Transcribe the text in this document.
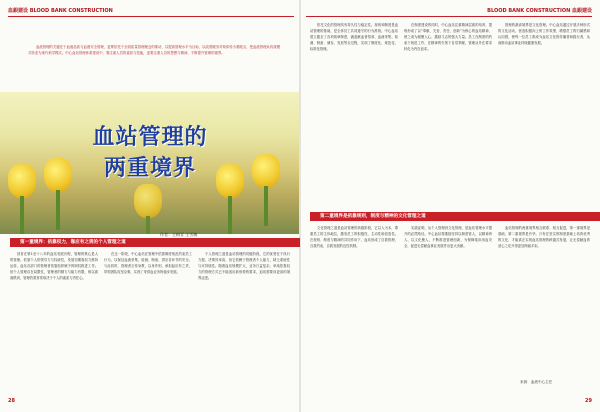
血銀建设 BLOOD BANK CONSTRUCTION	BLOOD BANK CONSTRUCTION 血銀建设
血液管理的关键在于血液品质与血液安全管理，更要依托于全面质量管理理念的推动，以提高管理水平为目标，以改善服务对象体验为着眼点，把血液管理从传统模式转变为现代科学模式。中心血站管理体系建设中，要注重人员的素质与技能，更要注重人员的思想与精神，不断提升管理的境界。
血站管理的两重境界
作者：王梅青 王雪梅
第一重境界：依靠权力，靠应有之责的个人管理之道
回首在第1至十八年的血站发展历程，管理的核心是人的管理。依靠个人的领导力与权威性，发展初期靠权力维持运转，血站各部门的管理者依靠组织赋予的职权推进工作。但个人管理存在局限性，管理者的精力与能力有限，难以面面俱到，管理效果常常取决于个人的素质与责任心。
在这一阶段，中心血站在管理中依靠制度规范约束员工行为，以保证血液采集、检测、制备、供应各环节的安全。与此同时，管理者言传身教，以身作则，承担起应有之责，带领团队攻坚克难，实现了采供血业务的稳步发展。
个人管理之道是血站管理的初级阶段，它的优势在于执行力强，决策效率高，但它依赖于管理者个人能力，缺乏系统性与可持续性。随着血站规模扩大，业务日益复杂，单纯依靠权力的管理方式已不能适应新形势的要求，迫切需要向更高的境界迈进。
依托文化的管理具有持久性与稳定性。规则和制度是血站管理的基础，是全体员工共同遵守的行为准则。中心血站建立健全了各项规章制度，涵盖献血者招募、血液采集、检测、制备、储存、发放等全过程，实现了制度化、规范化、标准化管理。
在制度建设的同时，中心血站注重精神层面的培育，提炼形成了以“奉献、关爱、责任、创新”为核心的血站精神，使之成为凝聚人心、激励斗志的强大力量。员工在制度的约束下规范工作，在精神的引领下自觉奉献，管理从外在要求转化为内在追求。
管理的最高境界是文化管理。中心血站通过开展多种形式的文化活动，营造积极向上的工作氛围，增强员工的归属感和认同感，使每一位员工都成为血站文化的传播者和践行者，从而推动血站事业持续健康发展。
第二重境界是依靠规则，制度与精神的文化管理之道
文化管理之道是血站管理的高级阶段，它以人为本，尊重员工的主体地位，激发员工的积极性、主动性和创造性。在规则、制度与精神的共同作用下，血站形成了自我管理、自我约束、自我发展的良性机制。
实践证明，从个人管理到文化管理，是血站管理水平提升的必然路径。中心血站将继续坚持以制度管人、以精神育人、以文化聚人，不断推进管理创新，为保障临床用血安全、促进无偿献血事业发展作出更大贡献。
血站管理的两重境界相互联系、相互促进，第一重境界是基础，第二重境界是升华。只有在坚实的制度基础上培育优秀的文化，才能真正实现血站管理的跨越式发展，让无偿献血的爱心之花开得更加绚丽多彩。
来源：血液中心主任
28	29
